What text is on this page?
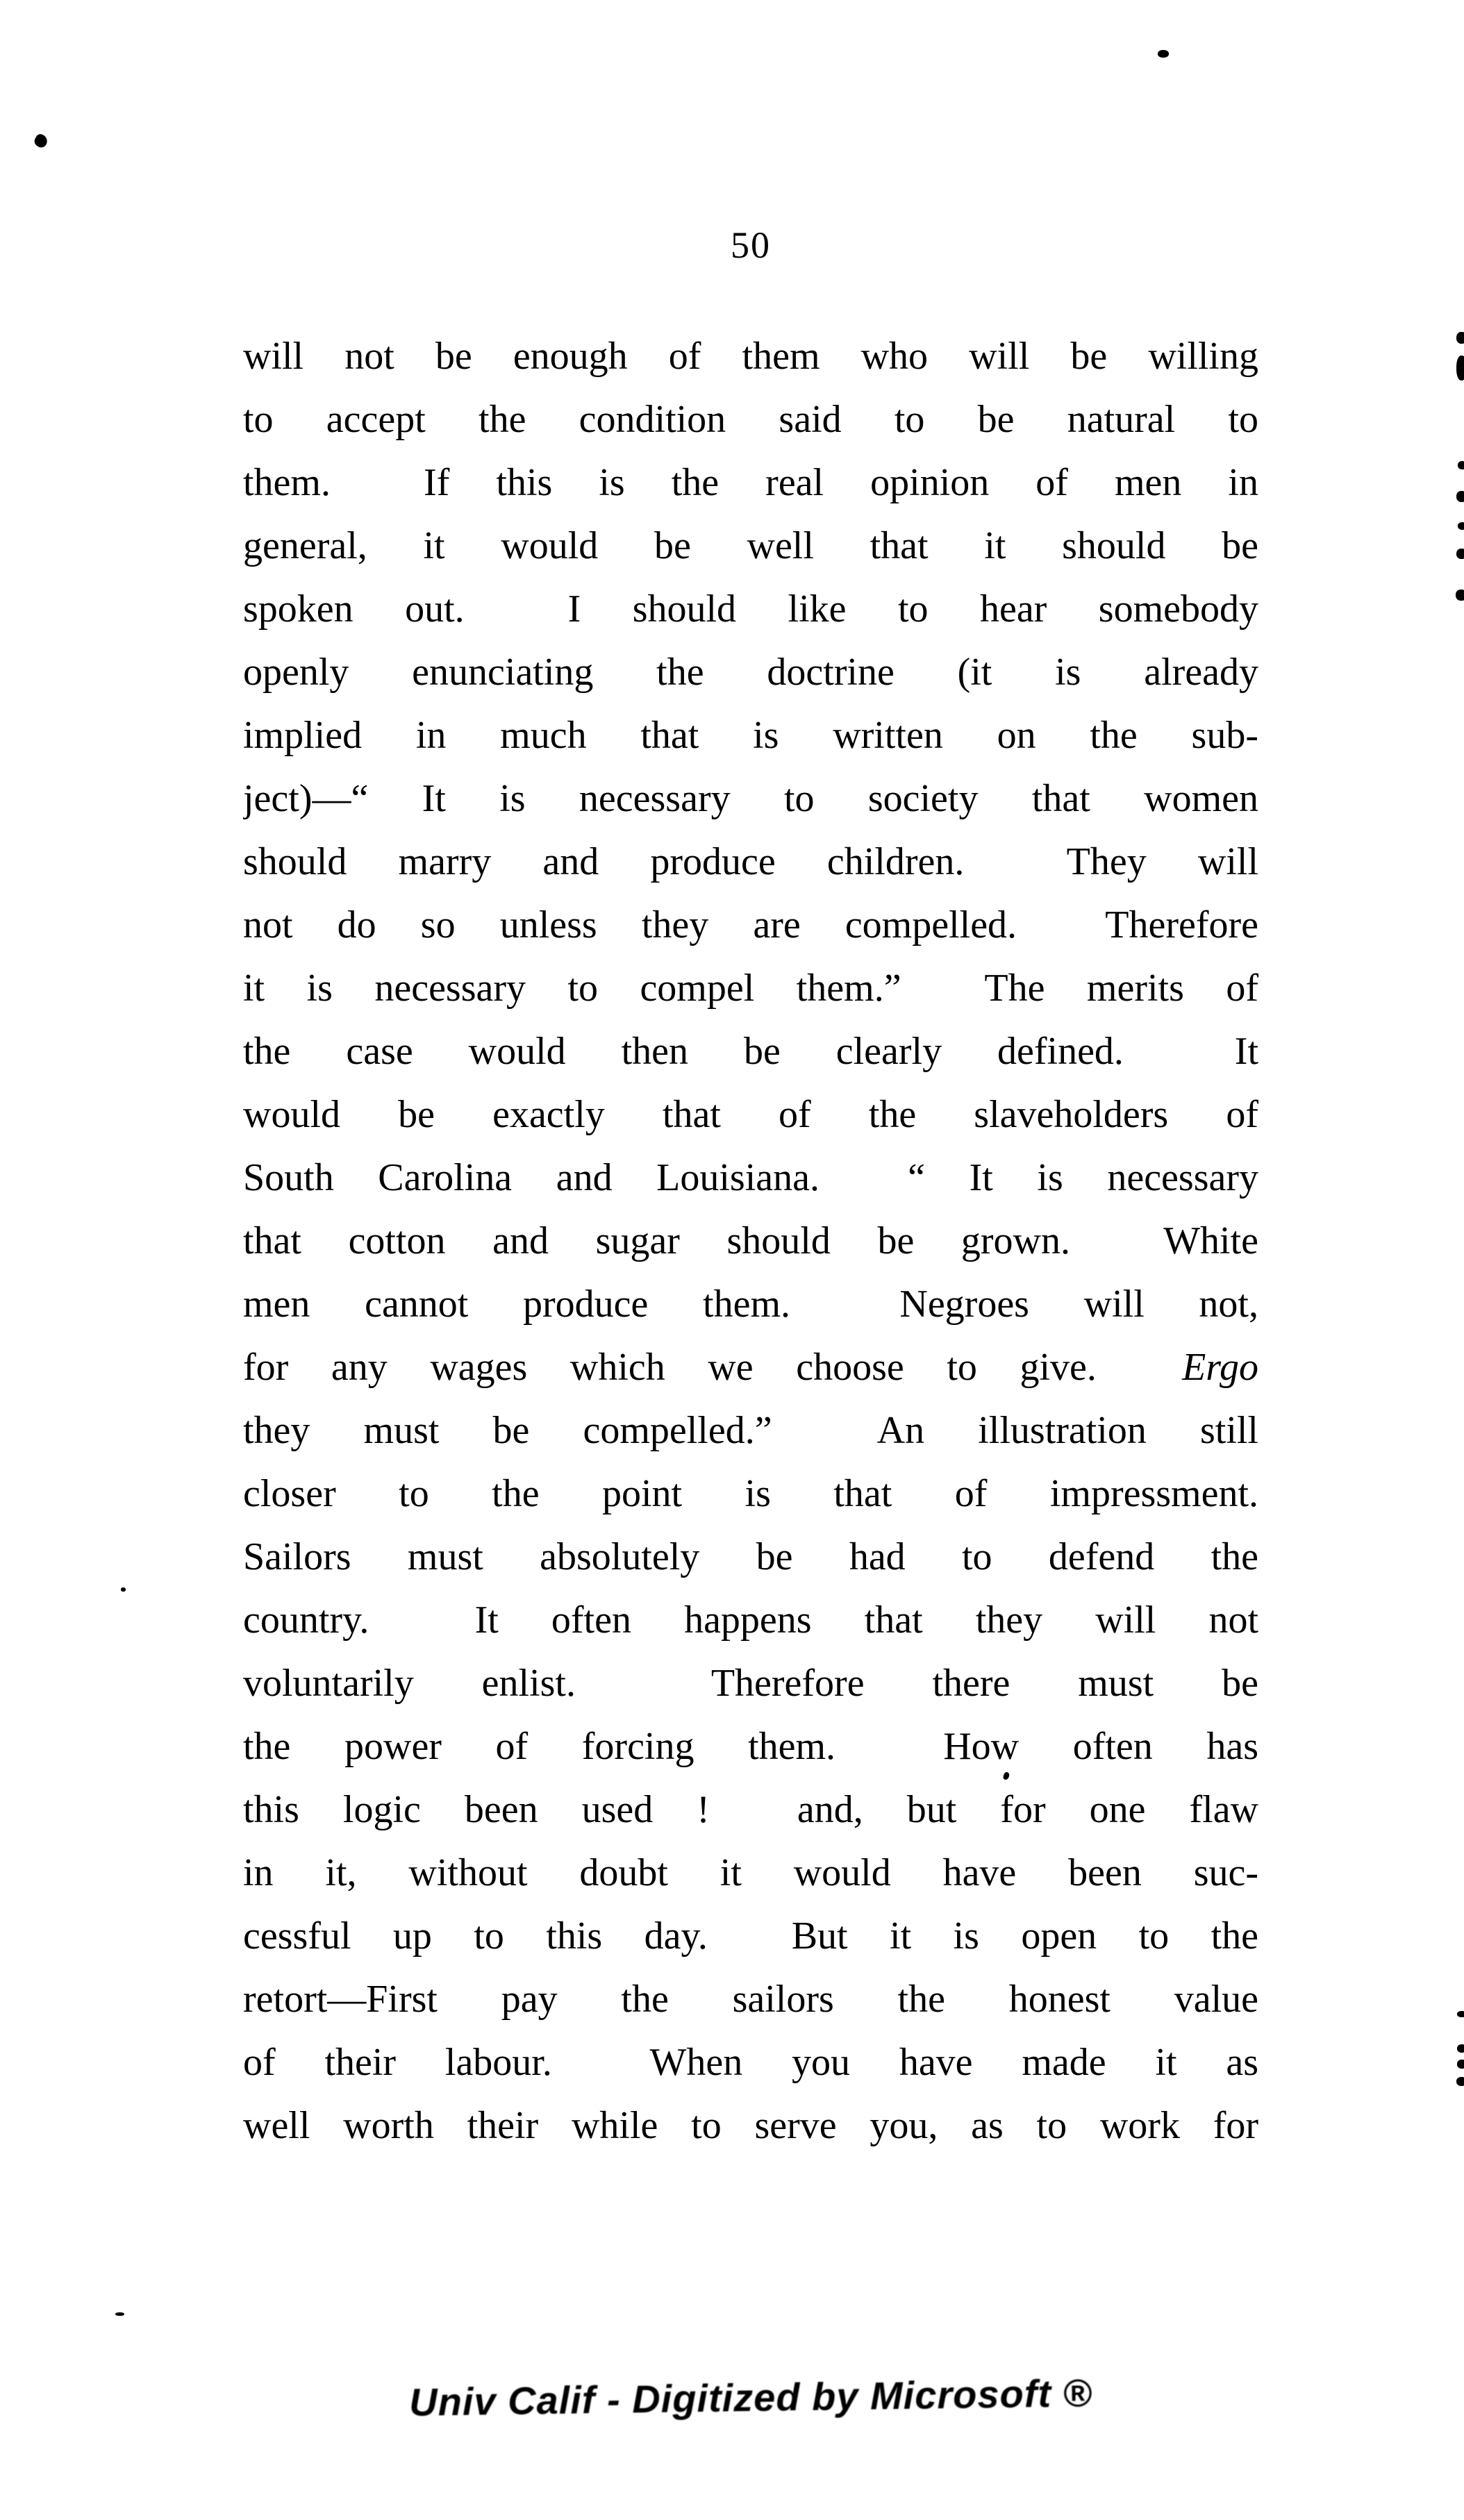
50
will not be enough of them who will be willing
to accept the condition said to be natural to
them.  If this is the real opinion of men in
general, it would be well that it should be
spoken out.  I should like to hear somebody
openly enunciating the doctrine (it is already
implied in much that is written on the sub-
ject)—“ It is necessary to society that women
should marry and produce children.  They will
not do so unless they are compelled.  Therefore
it is necessary to compel them.”  The merits of
the case would then be clearly defined.  It
would be exactly that of the slaveholders of
South Carolina and Louisiana.  “ It is necessary
that cotton and sugar should be grown.  White
men cannot produce them.  Negroes will not,
for any wages which we choose to give.  Ergo
they must be compelled.”  An illustration still
closer to the point is that of impressment.
Sailors must absolutely be had to defend the
country.  It often happens that they will not
voluntarily enlist.  Therefore there must be
the power of forcing them.  How often has
this logic been used !  and, but for one flaw
in it, without doubt it would have been suc-
cessful up to this day.  But it is open to the
retort—First pay the sailors the honest value
of their labour.  When you have made it as
well worth their while to serve you, as to work for
Univ Calif - Digitized by Microsoft ®
